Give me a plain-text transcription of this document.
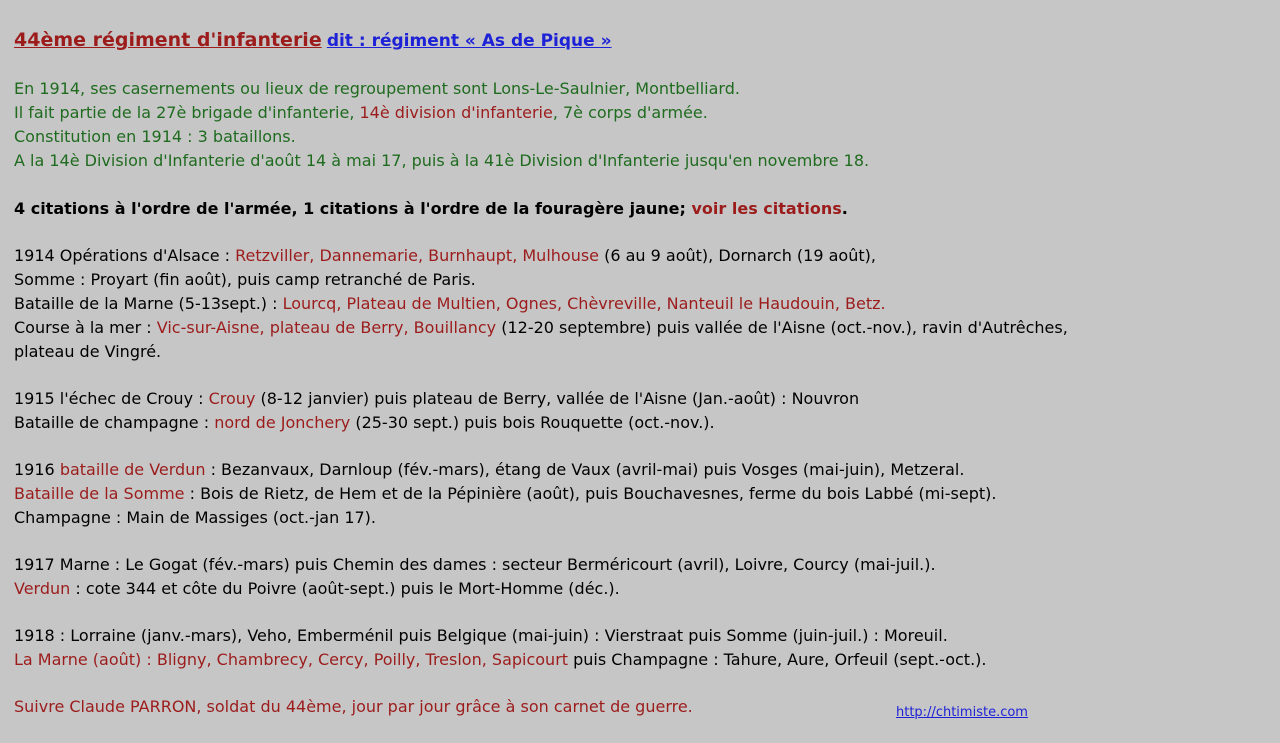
44ème régiment d'infanterie dit : régiment « As de Pique »
En 1914, ses casernements ou lieux de regroupement sont Lons-Le-Saulnier, Montbelliard.
Il fait partie de la 27è brigade d'infanterie, 14è division d'infanterie, 7è corps d'armée.
Constitution en 1914 : 3 bataillons.
A la 14è Division d'Infanterie d'août 14 à mai 17, puis à la 41è Division d'Infanterie jusqu'en novembre 18.
4 citations à l'ordre de l'armée, 1 citations à l'ordre de la fouragère jaune; voir les citations.
1914 Opérations d'Alsace : Retzviller, Dannemarie, Burnhaupt, Mulhouse (6 au 9 août), Dornarch (19 août),
Somme : Proyart (fin août), puis camp retranché de Paris.
Bataille de la Marne (5-13sept.) : Lourcq, Plateau de Multien, Ognes, Chèvreville, Nanteuil le Haudouin, Betz.
Course à la mer : Vic-sur-Aisne, plateau de Berry, Bouillancy (12-20 septembre) puis vallée de l'Aisne (oct.-nov.), ravin d'Autrêches,
plateau de Vingré.
1915 l'échec de Crouy : Crouy (8-12 janvier) puis plateau de Berry, vallée de l'Aisne (Jan.-août) : Nouvron
Bataille de champagne : nord de Jonchery (25-30 sept.) puis bois Rouquette (oct.-nov.).
1916 bataille de Verdun : Bezanvaux, Darnloup (fév.-mars), étang de Vaux (avril-mai) puis Vosges (mai-juin), Metzeral.
Bataille de la Somme : Bois de Rietz, de Hem et de la Pépinière (août), puis Bouchavesnes, ferme du bois Labbé (mi-sept).
Champagne : Main de Massiges (oct.-jan 17).
1917 Marne : Le Gogat (fév.-mars) puis Chemin des dames : secteur Berméricourt (avril), Loivre, Courcy (mai-juil.).
Verdun : cote 344 et côte du Poivre (août-sept.) puis le Mort-Homme (déc.).
1918 : Lorraine (janv.-mars), Veho, Emberménil puis Belgique (mai-juin) : Vierstraat puis Somme (juin-juil.) : Moreuil.
La Marne (août) : Bligny, Chambrecy, Cercy, Poilly, Treslon, Sapicourt puis Champagne : Tahure, Aure, Orfeuil (sept.-oct.).
Suivre Claude PARRON, soldat du 44ème, jour par jour grâce à son carnet de guerre.	http://chtimiste.com
